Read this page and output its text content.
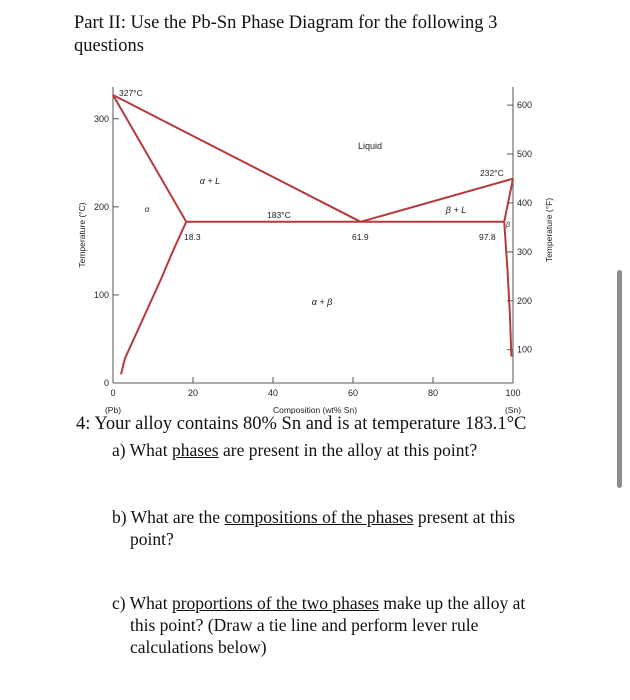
Part II: Use the Pb-Sn Phase Diagram for the following 3
questions
0	20	40	60	80	100
0
100
200
300
100
200
300
400
500
600
Temperature (°C)	Temperature (°F)
Composition (wt% Sn)
(Pb)	(Sn)
Liquid
α + L
β + L
α + β
α
β
327°C
232°C
183°C
18.3	61.9	97.8

4: Your alloy contains 80% Sn and is at temperature 183.1°C

a) What phases are present in the alloy at this point?

b) What are the compositions of the phases present at this
point?

c) What proportions of the two phases make up the alloy at
this point? (Draw a tie line and perform lever rule
calculations below)
